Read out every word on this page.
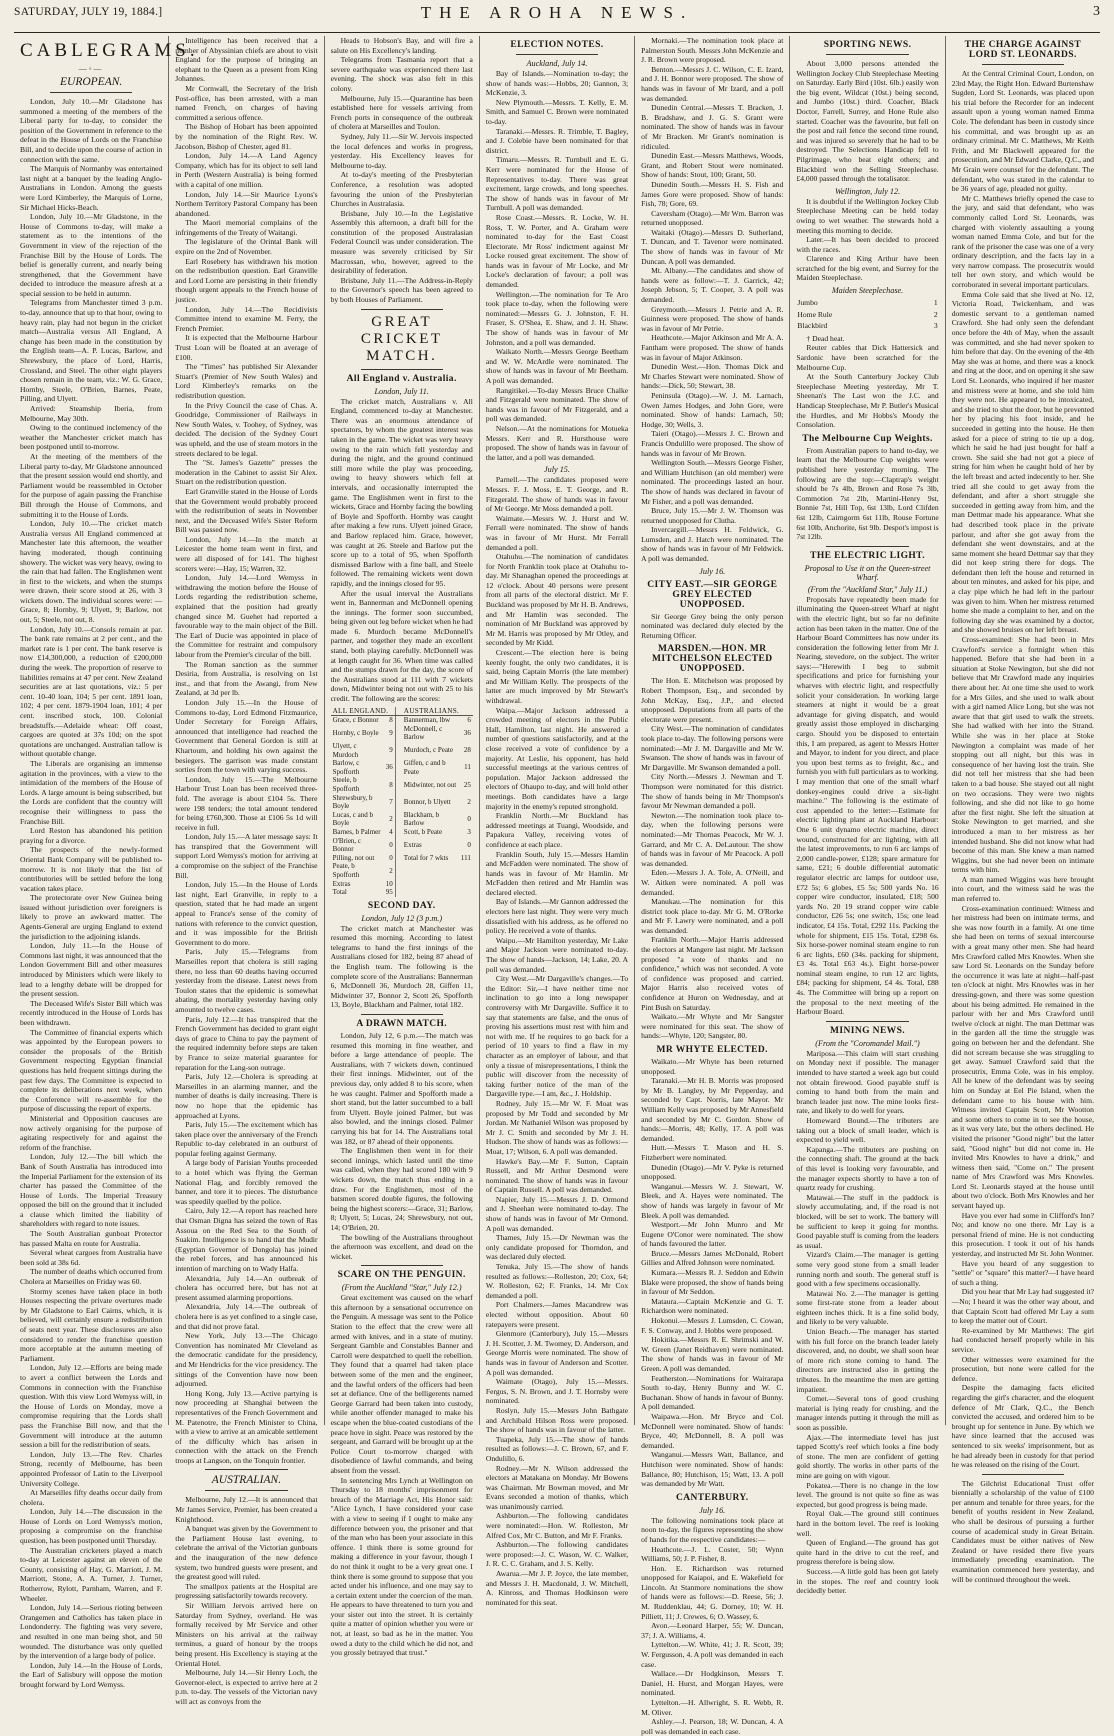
SATURDAY, JULY 19, 1884.]	THE AROHA NEWS.	3
CABLEGRAMS.
—◦—
EUROPEAN.

London, July 10.—Mr Gladstone has summoned a meeting of the members of the Liberal party for to-day, to consider the position of the Government in reference to the defeat in the House of Lords on the Franchise Bill, and to decide upon the course of action in connection with the same.

The Marquis of Normanby was entertained last night at a banquet by the leading Anglo-Australians in London. Among the guests were Lord Kimberley, the Marquis of Lorne, Sir Michael Hicks-Beach.

London, July 10.—Mr Gladstone, in the House of Commons to-day, will make a statement as to the intentions of the Government in view of the rejection of the Franchise Bill by the House of Lords. The belief is generally current, and nearly being strengthened, that the Government have decided to introduce the measure afresh at a special session to be held in autumn.

Telegrams from Manchester timed 3 p.m. to-day, announce that up to that hour, owing to heavy rain, play had not begun in the cricket match—Australia versus All England, A change has been made in the constitution by the English team—A. P. Lucas, Barlow, and Shrewsbury, the place of Lord, Harris, Crossland, and Steel. The other eight players chosen remain in the team, viz.: W. G. Grace, Hornby, Steele, O'Brien, Barnes, Peate, Pilling, and Ulyett.

Arrived: Steamship Iberia, from Melbourne, May 30th.

Owing to the continued inclemency of the weather the Manchester cricket match has been postponed until to-morrow.

At the meeting of the members of the Liberal party to-day, Mr Gladstone announced that the present session would end shortly, and Parliament would be reassembled in October for the purpose of again passing the Franchise Bill through the House of Commons, and submitting it to the House of Lords.

London, July 10.—The cricket match Australia versus All England commenced at Manchester late this afternoon, the weather having moderated, though continuing showery. The wicket was very heavy, owing to the rain that had fallen. The Englishmen went in first to the wickets, and when the stumps were drawn, their score stood at 26, with 3 wickets down. The individual scores were: —Grace, 8; Hornby, 9; Ulyett, 9; Barlow, not out, 5; Steele, not out, 8.

London, July 10.—Consols remain at par. The bank rate remains at 2 per cent., and the market rate is 1 per cent. The bank reserve is now £14,300,000, a reduction of £200,000 during the week. The proportion of reserve to liabilities remains at 47 per cent. New Zealand securities are at last quotations, viz.: 5 per cent. 10-40 loan, 104; 5 per cent. 1891 loan, 102; 4 per cent. 1879-1904 loan, 101; 4 per cent. inscribed stock, 100. Colonial breadstuffs.—Adelaide wheat: Off coast, cargoes are quoted at 37s 10d; on the spot quotations are unchanged. Australian tallow is without quotable change.

The Liberals are organising an immense agitation in the provinces, with a view to the intimidation of the members of the House of Lords. A large amount is being subscribed, but the Lords are confident that the country will recognise their willingness to pass the Franchise Bill.

Lord Reston has abandoned his petition praying for a divorce.

The prospects of the newly-formed Oriental Bank Company will be published to-morrow. It is not likely that the list of contributories will be settled before the long vacation takes place.

The protectorate over New Guinea being issued without jurisdiction over foreigners is likely to prove an awkward matter. The Agents-General are urging England to extend the jurisdiction to the adjoining islands.

London, July 11.—In the House of Commons last night, it was announced that the London Government Bill and other measures introduced by Ministers which were likely to lead to a lengthy debate will be dropped for the present session.

The Deceased Wife's Sister Bill which was recently introduced in the House of Lords has been withdrawn.

The Committee of financial experts which was appointed by the European powers to consider the proposals of the British Government respecting Egyptian financial questions has held frequent sittings during the past few days. The Committee is expected to complete its deliberations next week, when the Conference will re-assemble for the purpose of discussing the report of experts.

Ministerial and Opposition caucuses are now actively organising for the purpose of agitating respectively for and against the reform of the franchise.

London, July 12.—The bill which the Bank of South Australia has introduced into the Imperial Parliament for the extension of its charter has passed the Committee of the House of Lords. The Imperial Treasury opposed the bill on the ground that it included a clause which limited the liability of shareholders with regard to note issues.

The South Australian gunboat Protector has passed Malta en route for Australia.

Several wheat cargoes from Australia have been sold at 38s 6d.

The number of deaths which occurred from Cholera at Marseilles on Friday was 60.

Stormy scenes have taken place in both Houses respecting the private overtures made by Mr Gladstone to Earl Cairns, which, it is believed, will certainly ensure a redistribution of seats next year. These disclosures are also considered to render the franchise question more acceptable at the autumn meeting of Parliament.

London, July 12.—Efforts are being made to avert a conflict between the Lords and Commons in connection with the Franchise question. With this view Lord Wemyss will, in the House of Lords on Monday, move a compromise requiring that the Lords shall pass the Franchise Bill now, and that the Government will introduce at the autumn session a bill for the redistribution of seats.

London, July 13.—The Rev. Charles Strong, recently of Melbourne, has been appointed Professor of Latin to the Liverpool University College.

At Marseilles fifty deaths occur daily from cholera.

London, July 14.—The discussion in the House of Lords on Lord Wemyss's motion, proposing a compromise on the franchise question, has been postponed until Thursday.

The Australian cricketers played a match to-day at Leicester against an eleven of the County, consisting of Hay, G. Marriott, J. M. Marriott, Stone, A. A. Turner, J. Turner, Rotherrow, Rylott, Parnham, Warren, and F. Wheeler.

London, July 14.—Serious rioting between Orangemen and Catholics has taken place in Londonderry. The fighting was very severe, and resulted in one man being shot, and 50 wounded. The disturbance was only quelled by the intervention of a large body of police.

London, July 14.—In the House of Lords, the Earl of Salisbury will oppose the motion brought forward by Lord Wemyss.

Intelligence has been received that a number of Abyssinian chiefs are about to visit England for the purpose of bringing an elephant to the Queen as a present from King Johannes.

Mr Cornwall, the Secretary of the Irish Post-office, has been arrested, with a man named French, on charges of having committed a serious offence.

The Bishop of Hobart has been appointed by the nomination of the Right Rev. W. Jacobson, Bishop of Chester, aged 81.

London, July 14.—A Land Agency Company, which has for its object to sell land in Perth (Western Australia) is being formed with a capital of one million.

London, July 14.—Sir Maurice Lyons's Northern Territory Pastoral Company has been abandoned.

The Maori memorial complains of the infringements of the Treaty of Waitangi.

The legislature of the Orintal Bank will expire on the 2nd of November.

Earl Rosebery has withdrawn his motion on the redistribution question. Earl Granville and Lord Lorne are persisting in their friendly though urgent appeals to the French house of justice.

London, July 14.—The Recidivists Committee intend to examine M. Ferry, the French Premier.

It is expected that the Melbourne Harbour Trust Loan will be floated at an average of £100.

The "Times" has published Sir Alexander Stuart's (Premier of New South Wales) and Lord Kimberley's remarks on the redistribution question.

In the Privy Council the case of Chas. A. Goodridge, Commissioner of Railways in New South Wales, v. Toohey, of Sydney, was decided. The decision of the Sydney Court was upheld, and the use of steam motors in the streets declared to be legal.

The "St. James's Gazette" presses the moderation in the Cabinet to assist Sir Alex. Stuart on the redistribution question.

Earl Granville stated in the House of Lords that the Government would probably proceed with the redistribution of seats in November next, and the Deceased Wife's Sister Reform Bill was passed now.

London, July 14.—In the match at Leicester the home team went in first, and were all disposed of for 141. The highest scorers were:—Hay, 15; Warren, 32.

London, July 14.—Lord Wemyss in withdrawing the motion before the House of Lords regarding the redistribution scheme, explained that the position had greatly changed since M. Guehet had reported a favourable way to the main object of the Bill. The Earl of Ducie was appointed in place of the Committee for restraint and compulsory labour from the Premier's circular of the bill.

The Roman sanction as the summer Desiria, from Australia, is resolving on 1st inst., and that from the Awangi, from New Zealand, at 3d per lb.

London July 15.—In the House of Commons to-day, Lord Edmond Fitzmaurice, Under Secretary for Foreign Affairs, announced that intelligence had reached the Government that General Gordon is still at Khartoum, and holding his own against the besiegers. The garrison was made constant sorties from the town with varying success.

London, July 15.—The Melbourne Harbour Trust Loan has been received three-fold. The average is about £104 5s. There were 198 tenders; the total amount tendered for being £760,300. Those at £106 5s 1d will receive in full.

London, July 15.—A later message says: It has transpired that the Government will support Lord Wemyss's motion for arriving at a compromise on the subject of the Franchise Bill.

London, July 15.—In the House of Lords last night, Earl Granville, in reply to a question, stated that he had made an urgent appeal to France's sense of the comity of nations with reference to the convict question, and it was impossible for the British Government to do more.

Paris, July 15.—Telegrams from Marseilles report that cholera is still raging there, no less than 60 deaths having occurred yesterday from the disease. Latest news from Toulon states that the epidemic is somewhat abating, the mortality yesterday having only amounted to twelve cases.

Paris, July 12.—It has transpired that the French Government has decided to grant eight days of grace to China to pay the payment of the required indemnity before steps are taken by France to seize material guarantee for reparation for the Lang-son outrage.

Paris, July 12.—Cholera is spreading at Marseilles in an alarming manner, and the number of deaths is daily increasing. There is now no hope that the epidemic has approached at Lyons.

Paris, July 15.—The excitement which has taken place over the anniversary of the French Republic to-day celebrated in an outburst of popular feeling against Germany.

A large body of Parisian Youths proceeded to a hotel which was flying the German National Flag, and forcibly removed the banner, and tore it to pieces. The disturbance was speedily quelled by the police.

Cairo, July 12.—A report has reached here that Osman Digna has seized the town of Ras Assoua on the Red Sea to the South of Suakim. Intelligence is to hand that the Mudir (Egyptian Governor of Dongola) has joined the rebel forces, and has announced his intention of marching on to Wady Halfa.

Alexandria, July 14.—An outbreak of cholera has occurred here, but has not at present assumed alarming proportions.

Alexandria, July 14.—The outbreak of cholera here is as yet confined to a single case, and that did not prove fatal.

New York, July 13.—The Chicago Convention has nominated Mr Cleveland as the democratic candidate for the presidency, and Mr Hendricks for the vice presidency. The sittings of the Convention have now been adjourned.

Hong Kong, July 13.—Active partying is now proceeding at Shanghai between the representatives of the French Government and M. Patenotre, the French Minister to China, with a view to arrive at an amicable settlement of the difficulty which has arisen in connection with the attack on the French troops at Langson, on the Tonquin frontier.

AUSTRALIAN.

Melbourne, July 12.—It is announced that Mr James Service, Premier, has been created a Knighthood.

A banquet was given by the Government to the Parliament House last evening, to celebrate the arrival of the Victorian gunboats and the inauguration of the new defence system, two hundred guests were present, and the greatest good will ruled.

The smallpox patients at the Hospital are progressing satisfactorily towards recovery.

Sir William Jervois arrived here on Saturday from Sydney, overland. He was formally received by Mr Service and other Ministers on his arrival at the railway terminus, a guard of honour by the troops being present. His Excellency is staying at the Oriental Hotel.

Melbourne, July 14.—Sir Henry Loch, the Governor-elect, is expected to arrive here at 2 p.m. to-day. The vessels of the Victorian navy will act as convoys from the

Heads to Hobson's Bay, and will fire a salute on His Excellency's landing.

Telegrams from Tasmania report that a severe earthquake was experienced there last evening. The shock was also felt in this colony.

Melbourne, July 15.—Quarantine has been established here for vessels arriving from French ports in consequence of the outbreak of cholera at Marseilles and Toulon.

Sydney, July 11.—Sir W. Jervois inspected the local defences and works in progress, yesterday. His Excellency leaves for Melbourne to-day.

At to-day's meeting of the Presbyterian Conference, a resolution was adopted favouring the union of the Presbyterian Churches in Australasia.

Brisbane, July 10.—In the Legislative Assembly this afternoon, a draft bill for the constitution of the proposed Australasian Federal Council was under consideration. The measure was severely criticised by Sir Macrossan, who, however, agreed to the desirability of federation.

Brisbane, July 11.—The Address-in-Reply to the Governor's speech has been agreed to by both Houses of Parliament.

GREAT CRICKET MATCH.
All England v. Australia.

London, July 11.

The cricket match, Australians v. All England, commenced to-day at Manchester. There was an enormous attendance of spectators, by whom the greatest interest was taken in the game. The wicket was very heavy owing to the rain which fell yesterday and during the night, and the ground continued still more while the play was proceeding, owing to heavy showers which fell at intervals, and occasionally interrupted the game. The Englishmen went in first to the wickets, Grace and Hornby facing the bowling of Boyle and Spofforth. Hornby was caught after making a few runs. Ulyett joined Grace, and Barlow replaced him. Grace, however, was caught at 26. Steele and Barlow put the score up to a total of 95, when Spofforth dismissed Barlow with a fine ball, and Steele followed. The remaining wickets went down rapidly, and the innings closed for 95.

After the usual interval the Australians went in, Bannerman and McDonnell opening the innings. The former soon succumbed, being given out leg before wicket when he had made 6. Murdoch became McDonnell's partner, and together they made an excellent stand, both playing carefully. McDonnell was at length caught for 36. When time was called and the stumps drawn for the day, the score of the Australians stood at 111 with 7 wickets down, Midwinter being not out with 25 to his credit. The following are the scores:

ALL ENGLAND.			AUSTRALIANS.	
Grace, c Bonnor	8		Bannerman, lbw	6
Hornby, c Boyle	9		McDonnell, c Barlow	36
Ulyett, c Murdoch	9		Murdoch, c Peate	28
Barlow, c Spofforth	36		Giffen, c and b Peate	11
Steele, b Spofforth	8		Midwinter, not out	25
Shrewsbury, b Boyle	7		Bonnor, b Ulyett	2
Lucas, c and b Boyle	2		Blackham, b Barlow	0
Barnes, b Palmer	4		Scott, b Peate	3
O'Brien, c Bonnor	0		Extras	0
Pilling, not out	0		Total for 7 wkts	111
Peate, b Spofforth	2			
Extras	10			
Total	95			
SECOND DAY.

London, July 12 (3 p.m.)

The cricket match at Manchester was resumed this morning. According to latest telegrams to hand the first innings of the Australians closed for 182, being 87 ahead of the English team. The following is the complete score of the Australians: Bannerman 6, McDonnell 36, Murdoch 28, Giffen 11, Midwinter 37, Bonnor 2, Scott 26, Spofforth 13, Boyle, Blackham and Palmer, total 182.

A DRAWN MATCH.

London, July 12, 6 p.m.—The match was resumed this morning in fine weather, and before a large attendance of people. The Australians, with 7 wickets down, continued their first innings. Midwinter, out of the previous day, only added 8 to his score, when he was caught. Palmer and Spofforth made a short stand, but the latter succumbed to a ball from Ulyett. Boyle joined Palmer, but was also bowled, and the innings closed. Palmer carrying his bat for 14. The Australians total was 182, or 87 ahead of their opponents.

The Englishmen then went in for their second innings, which lasted until the time was called, when they had scored 180 with 9 wickets down, the match thus ending in a draw. For the Englishmen, most of the batsmen scored double figures, the following being the highest scorers:—Grace, 31; Barlow, 8; Ulyett, 5; Lucas, 24; Shrewsbury, not out, 14; O'Brien, 20.

The bowling of the Australians throughout the afternoon was excellent, and dead on the wicket.

SCARE ON THE PENGUIN.

(From the Auckland "Star," July 12.)

Great excitement was caused on the wharf this afternoon by a sensational occurrence on the Penguin. A message was sent to the Police Station to the effect that the crew were all armed with knives, and in a state of mutiny. Sergeant Gamble and Constables Banner and Carroll were despatched to quell the rebellion. They found that a quarrel had taken place between some of the men and the engineer, and the lawful orders of the officers had been set at defiance. One of the belligerents named George Garrard had been taken into custody, while another offender managed to make his escape when the blue-coated custodians of the peace hove in sight. Peace was restored by the sergeant, and Garrard will be brought up at the Police Court to-morrow charged with disobedience of lawful commands, and being absent from the vessel.

In sentencing Mrs Lynch at Wellington on Thursday to 18 months' imprisonment for breach of the Marriage Act, His Honor said: "Alice Lynch, I have considered your case with a view to seeing if I ought to make any difference between you, the prisoner and that of the man who has been your associate in this offence. I think there is some ground for making a difference in your favour, though I do not think it ought to be a very great one. I think there is some ground to suppose that you acted under his influence, and one may say to a certain extent under the coercion of the man. He appears to have threatened to turn you and your sister out into the street. It is certainly quite a matter of opinion whether you were or not, at least, so bad as he in the matter. You owed a duty to the child which he did not, and you grossly betrayed that trust."

ELECTION NOTES.

Auckland, July 14.

Bay of Islands.—Nomination to-day; the show of hands was:—Hobbs, 20; Gannon, 3; McKenzie, 3.

New Plymouth.—Messrs. T. Kelly, E. M. Smith, and Samuel C. Brown were nominated to-day.

Taranaki.—Messrs. R. Trimble, T. Bagley, and J. Colebie have been nominated for that district.

Timaru.—Messrs. R. Turnbull and E. G. Kerr were nominated for the House of Representatives to-day. There was great excitement, large crowds, and long speeches. The show of hands was in favour of Mr Turnbull. A poll was demanded.

Rose Coast.—Messrs. R. Locke, W. H. Ross, T. W. Porter, and A. Graham were nominated to-day for the East Coast Electorate. Mr Ross' indictment against Mr Locke roused great excitement. The show of hands was in favour of Mr Locke, and Mr Locke's declaration of favour; a poll was demanded.

Wellington.—The nomination for Te Aro took place to-day, when the following were nominated:—Messrs G. J. Johnston, F. H. Fraser, S. O'Shea, E. Shaw, and J. H. Shaw. The show of hands was in favour of Mr Johnston, and a poll was demanded.

Waikato North.—Messrs George Beetham and W. W. McArdle were nominated. The show of hands was in favour of Mr Beetham. A poll was demanded.

Rangitikei.—To-day Messrs Bruce Chalke and Fitzgerald were nominated. The show of hands was in favour of Mr Fitzgerald, and a poll was demanded.

Nelson.—At the nominations for Motueka Messrs. Kerr and R. Hursthouse were proposed. The show of hands was in favour of the latter, and a poll was demanded.

July 15.

Parnell.—The candidates proposed were Messrs. F. J. Moss, E. T. George, and R. Fitzgerald. The show of hands was in favour of Mr George. Mr Moss demanded a poll.

Waimate.—Messrs W. J. Hurst and W. Ferrall were nominated. The show of hands was in favour of Mr Hurst. Mr Ferrall demanded a poll.

Otahuhu.—The nomination of candidates for North Franklin took place at Otahuhu to-day. Mr Shanaghan opened the proceedings at 12 o'clock. About 40 persons were present from all parts of the electoral district. Mr F. Buckland was proposed by Mr H. B. Andrews, and Mr Hamlin was seconded. The nomination of Mr Buckland was approved by Mr M. Harris was proposed by Mr Otley, and seconded by Mr Kidd.

Crescent.—The election here is being keenly fought, the only two candidates, it is said, being Captain Morris (the late member) and Mr William Kelly. The prospects of the latter are much improved by Mr Stewart's withdrawal.

Waipa.—Major Jackson addressed a crowded meeting of electors in the Public Hall, Hamilton, last night. He answered a number of questions satisfactorily, and at the close received a vote of confidence by a majority. At Leslie, his opponent, has held successful meetings at the various centres of population. Major Jackson addressed the electors of Ohaupo to-day, and will hold other meetings. Both candidates have a large majority in the enemy's reputed stronghold.

Franklin North.—Mr Buckland has addressed meetings at Tuangi, Woodside, and Papakura Valley, receiving votes of confidence at each place.

Franklin South, July 15.—Messrs Hamlin and McFadden were nominated. The show of hands was in favour of Mr Hamlin. Mr McFadden then retired and Mr Hamlin was declared elected.

Bay of Islands.—Mr Gannon addressed the electors here last night. They were very much dissatisfied with his address, as he offered no policy. He received a vote of thanks.

Waipu.—Mr Hamilton yesterday, Mr Lake and Major Jackson were nominated to-day. The show of hands—Jackson, 14; Lake, 20. A poll was demanded.

City West.—Mr Dargaville's changes.—To the Editor: Sir,—I have neither time nor inclination to go into a long newspaper controversy with Mr Dargaville. Suffice it to say that statements are false, and the onus of proving his assertions must rest with him and not with me. If he requires to go back for a period of 10 years to find a flaw in my character as an employer of labour, and that only a tissue of misrepresentations, I think the public will discover from the necessity of taking further notice of the man of the Dargaville type.—I am, &c., J. Holdship.

Rodney, July 15.—Mr W. F. Moat was proposed by Mr Todd and seconded by Mr Jordan. Mr Nathaniel Wilson was proposed by Mr J. C. Smith and seconded by Mr J. H. Hudson. The show of hands was as follows:—Moat, 17; Wilson, 6. A poll was demanded.

Hawke's Bay.—Mr F. Sutton, Captain Russell, and Mr Arthur Desmond were nominated. The show of hands was in favour of Captain Russell. A poll was demanded.

Napier, July 15.—Messrs J. D. Ormond and J. Sheehan were nominated to-day. The show of hands was in favour of Mr Ormond. A poll was demanded.

Thames, July 15.—Dr Newman was the only candidate proposed for Thorndon, and was declared duly elected.

Tenuka, July 15.—The show of hands resulted as follows:—Rolleston, 20; Cox, 64; W. Rolleston, 62; F. Franks, 14. Mr Cox demanded a poll.

Port Chalmers.—James Macandrew was elected without opposition. About 60 ratepayers were present.

Glenmore (Canterbury), July 15.—Messrs J. H. Scotter, J. M. Twomey, D. Anderson, and George Morris were nominated. The show of hands was in favour of Anderson and Scotter. A poll was demanded.

Waimate (Otago), July 15.—Messrs. Fergus, S. N. Brown, and J. T. Hornsby were nominated.

Roslyn, July 15.—Messrs John Bathgate and Archibald Hilson Ross were proposed. The show of hands was in favour of the latter.

Tuapeka, July 15.—The show of hands resulted as follows:—J. C. Brown, 67, and F. Ondulillo, 6.

Rodney.—Mr N. Wilson addressed the electors at Matakana on Monday. Mr Bowens was Chairman. Mr Bowman moved, and Mr Evans seconded a motion of thanks, which was unanimously carried.

Ashburton.—The following candidates were nominated:—Hon. W. Rolleston, Mr Alfred Cox, Mr C. Button, and Mr F. Franks.

Ashburton.—The following candidates were proposed:—J. C. Wason, W. C. Walker, J. R. C. C. Graham, and J. S. Kelly.

Awarua.—Mr J. P. Joyce, the late member, and Messrs J. H. Macdonald, J. W. Mitchell, A. Kinross, and Thomas Hodkinson were nominated for this seat.

Mornaki.—The nomination took place at Palmerston South. Messrs John McKenzie and J. R. Brown were proposed.

Benton.—Messrs J. C. Wilson, C. E. Izard, and J. H. Bonnor were proposed. The show of hands was in favour of Mr Izard, and a poll was demanded.

Dunedin Central.—Messrs T. Bracken, J. B. Bradshaw, and J. G. S. Grant were nominated. The show of hands was in favour of Mr Bracken. Mr Grant's nomination is ridiculed.

Dunedin East.—Messrs Matthews, Woods, Grant, and Robert Stout were nominated. Show of hands: Stout, 100; Grant, 50.

Dunedin South.—Messrs H. S. Fish and James Gore were proposed. Show of hands: Fish, 78; Gore, 69.

Caversham (Otago).—Mr Wm. Barron was returned unopposed.

Waitaki (Otago).—Messrs D. Sutherland, T. Duncan, and T. Tavenor were nominated. The show of hands was in favour of Mr Duncan. A poll was demanded.

Mt. Albany.—The candidates and show of hands were as follow:—T. J. Garrick, 42; Joseph Jebson, 5; T. Cooper, 3. A poll was demanded.

Greymouth.—Messrs J. Petrie and A. R. Guinness were proposed. The show of hands was in favour of Mr Petrie.

Heathcote.—Major Atkinson and Mr A. A. Fantham were proposed. The show of hands was in favour of Major Atkinson.

Dunedin West.—Hon. Thomas Dick and Mr Charles Stewart were nominated. Show of hands:—Dick, 50; Stewart, 38.

Peninsula (Otago).—W. J. M. Larnach, Owen James Hodges, and John Gore, were nominated. Show of hands: Larnach, 50; Hodge, 30; Wells, 3.

Taieri (Otago).—Messrs J. C. Brown and Francis Ondulillo were proposed. The show of hands was in favour of Mr Brown.

Wellington South.—Messrs George Fisher, and William Hutchison (an old member) were nominated. The proceedings lasted an hour. The show of hands was declared in favour of Mr Fisher, and a poll was demanded.

Bruce, July 15.—Mr J. W. Thomson was returned unopposed for Clutha.

Invercargill.—Messrs H. Feldwick, G. Lumsden, and J. Hatch were nominated. The show of hands was in favour of Mr Feldwick. A poll was demanded.

July 16.

CITY EAST.—SIR GEORGE GREY ELECTED UNOPPOSED.

Sir George Grey being the only person nominated was declared duly elected by the Returning Officer.

MARSDEN.—HON. MR MITCHELSON ELECTED UNOPPOSED.

The Hon. E. Mitchelson was proposed by Robert Thompson, Esq., and seconded by John McKay, Esq., J.P., and elected unopposed. Deputations from all parts of the electorate were present.

City West.—The nomination of candidates took place to-day. The following persons were nominated:—Mr J. M. Dargaville and Mr W. Swanson. The show of hands was in favour of Mr Dargaville. Mr Swanson demanded a poll.

City North.—Messrs J. Newman and T. Thompson were nominated for this district. The show of hands being in Mr Thompson's favour Mr Newman demanded a poll.

Newton.—The nomination took place to-day, when the following persons were nominated:—Mr Thomas Peacock, Mr W. J. Garrard, and Mr C. A. DeLautour. The show of hands was in favour of Mr Peacock. A poll was demanded.

Eden.—Messrs J. A. Tole, A. O'Neill, and W. Aitken were nominated. A poll was demanded.

Manukau.—The nomination for this district took place to-day. Mr G. M. O'Rorke and Mr F. Lawry were nominated, and a poll was demanded.

Franklin North.—Major Harris addressed the electors at Mangere last night. Mr Jackson proposed "a vote of thanks and no confidence," which was not seconded. A vote of confidence was proposed and carried. Major Harris also received votes of confidence at Huron on Wednesday, and at Pint Bush on Saturday.

Waikato.—Mr Whyte and Mr Sangster were nominated for this seat. The show of hands:—Whyte, 120; Sangster, 80.

MR WHYTE ELECTED.

Waikato.—Mr Whyte has been returned unopposed.

Taranaki.—Mr H. B. Morris was proposed by Mr B. Langley, by Mr Pepperday, and seconded by Capt. Norris, late Mayor. Mr William Kelly was proposed by Mr Annesfield and seconded by Mr C. Gordon. Show of hands:—Morris, 48; Kelly, 17. A poll was demanded.

Hutt.—Messrs T. Mason and H. S. Fitzherbert were nominated.

Dunedin (Otago).—Mr V. Pyke is returned unopposed.

Wanganui.—Messrs W. J. Stewart, W. Bleek, and A. Hayes were nominated. The show of hands was largely in favour of Mr Bleek. A poll was demanded.

Westport.—Mr John Munro and Mr Eugene O'Conor were nominated. The show of hands favoured the latter.

Bruce.—Messrs James McDonald, Robert Gillies and Alfred Johnson were nominated.

Kumara.—Messrs R. J. Seddon and Edwin Blake were proposed, the show of hands being in favour of Mr Seddon.

Mataura.—Captain McKenzie and G. T. Richardson were nominated.

Hokonui.—Messrs J. Lumsden, C. Cowan, F. S. Conway, and J. Hobbs were proposed.

Hokitika.—Messrs R. E. Shrimski and W. W. Green (Janet Reidhaven) were nominated. The show of hands was in favour of Mr Green. A poll was demanded.

Featherston.—Nominations for Wairarapa South to-day, Henry Bunny and W. C. Buchanan. Show of hands in favour of Bunny. A poll demanded.

Waipawa.—Hon. Mr Bryce and Col. McDonnell were nominated. Show of hands: Bryce, 40; McDonnell, 8. A poll was demanded.

Wanganui.—Messrs Watt, Ballance, and Hutchison were nominated. Show of hands: Ballance, 80; Hutchison, 15; Watt, 13. A poll was demanded by Mr Watt.

CANTERBURY.

July 16.

The following nominations took place at noon to-day, the figures representing the show of hands for the respective candidates:—

Heathcote.—J. L. Coster, 50; Wynn Williams, 50; J. P. Fisher, 8.

Hon. E. Richardson was returned unopposed for Kaiapoi, and E. Wakefield for Lincoln. At Stanmore nominations the show of hands were as follows:—D. Reese, 56; J. M. Ruddenklau, 44; G. Dorney, 10; W. H. Pilliett, 11; J. Crewes, 6; O. Wassey, 6.

Avon.—Leonard Harper, 55; W. Duncan, 37; J. A. Williams, 4.

Lyttelton.—W. White, 41; J. R. Scott, 39; W. Fergusson, 4. A poll was demanded in each case.

Wallace.—Dr Hodgkinson, Messrs T. Daniel, H. Hurst, and Morgan Hayes, were nominated.

Lyttelton.—H. Allwright, S. R. Webb, R. M. Oliver.

Ashley.—J. Pearson, 18; W. Duncan, 4. A poll was demanded in each case.

SPORTING NEWS.

About 3,000 persons attended the Wellington Jockey Club Steeplechase Meeting on Saturday. Early Bird (10st. 6lb.) easily won the big event, Wildcat (10st.) being second, and Jumbo (10st.) third. Coacher, Black Doctor, Farrell, Surrey, and Hone Rule also started. Coacher was the favourite, but fell on the post and rail fence the second time round, and was injured so severely that he had to be destroyed. The Selections Handicap fell to Pilgrimage, who beat eight others; and Blackbird won the Selling Steeplechase. £4,000 passed through the totalisator.

Wellington, July 12.

It is doubtful if the Wellington Jockey Club Steeplechase Meeting can be held today owing to wet weather. The stewards hold a meeting this morning to decide.

Later.—It has been decided to proceed with the races.

Clarence and King Arthur have been scratched for the big event, and Surrey for the Maiden Steeplechase.

Maiden Steeplechase.

Jumbo	1
Home Rule	2
Blackbird	3

† Dead heat.

Reuter cables that Dick Hattersick and Sardonic have been scratched for the Melbourne Cup.

At the South Canterbury Jockey Club Steeplechase Meeting yesterday, Mr T. Sheenan's The Last won the J.C. and Handicap Steeplechase, Mr P. Butler's Musical the Hurdles, and Mr Hobbs's Moody the Consolation.

The Melbourne Cup Weights.

From Australian papers to hand to-day, we learn that the Melbourne Cup weights were published here yesterday morning. The following are the top:—Claptrap's weight should be 7s 4lb, Brown and Rose 7s 3lb, Commotion 7st 2lb, Martini-Henry 9st, Bonnie 7st, Hill Top, 6st 13lb, Lord Clifden 6st 12lb, Cairngorm 6st 11lb, Rouse Fortune 6st 10lb, Anchorite, 6st 9lb. Despot's impost is 7st 12lb.

THE ELECTRIC LIGHT.

Proposal to Use it on the Queen-street Wharf.

(From the "Auckland Star," July 11.)

Proposals have repeatedly been made for illuminating the Queen-street Wharf at night with the electric light, but so far no definite action has been taken in the matter. One of the Harbour Board Committees has now under its consideration the following letter from Mr J. Nearing, stevedore, on the subject. The writer says:—"Herewith I beg to submit specifications and price for furnishing your wharves with electric light, and respectfully solicit your consideration. In working large steamers at night it would be a great advantage for giving dispatch, and would greatly assist those employed in discharging cargo. Should you be disposed to entertain this, I am prepared, as agent to Messrs Hotter and Mayor, to indent for you direct, and place you upon best terms as to freight, &c., and furnish you with full particulars as to working. I may mention that one of the small wharf donkey-engines could drive a six-light machine." The following is the estimate of cost appended to the letter:—Estimate for electric lighting plant at Auckland Harbour: One 6 unit dynamo electric machine, direct wound, constructed for arc lighting, with all the latest improvements, to run 6 arc lamps of 2,000 candle-power, £128; spare armature for same, £21; 6 double differential automatic regulator electric arc lamps for outdoor use, £72 5s; 6 globes, £5 5s; 500 yards No. 16 copper wire conductor, insulated, £18; 500 yards No. 20 19 strand copper wire cable conductor, £26 5s; one switch, 15s; one lead indicator, £4 15s. Total, £292 11s. Packing the whole for shipment, £15 15s. Total, £298 6s. Six horse-power nominal steam engine to run 6 arc lights, £60 (34s. packing for shipment, £3 4s. Total £63 4s.). Eight horse-power nominal steam engine, to run 12 arc lights, £84; packing for shipment, £4 4s. Total, £88 4s. The Committee will bring up a report on the proposal to the next meeting of the Harbour Board.

MINING NEWS.

(From the "Coromandel Mail.")

Mariposa.—This claim will start crushing on Monday next if possible. The manager intended to have started a week ago but could not obtain firewood. Good payable stuff is coming to hand both from the main and branch leader just now. The mine looks first-rate, and likely to do well for years.

Homeward Bound.—The tributers are taking out a block of small leader, which is expected to yield well.

Kapanga.—The tributers are pushing on the connecting shaft. The ground at the back of this level is looking very favourable, and the manager expects shortly to have a ton of quartz ready for crushing.

Matawai.—The stuff in the paddock is slowly accumulating, and, if the road is not blocked, will be set to work. The battery will be sufficient to keep it going for months. Good payable stuff is coming from the leaders as usual.

Vizard's Claim.—The manager is getting some very good stone from a small leader running north and south. The general stuff is good with a few specimens occasionally.

Matawai No. 2.—The manager is getting some first-rate stone from a leader about eighteen inches thick. It is a fine solid body, and likely to be very valuable.

Union Beach.—The manager has started with his full force on the branch leader lately discovered, and, no doubt, we shall soon hear of more rich stone coming to hand. The directors are instructed also in getting the tributes. In the meantime the men are getting impatient.

Comet.—Several tons of good crushing material is lying ready for crushing, and the manager intends putting it through the mill as soon as possible.

Ajax.—The intermediate level has just tapped Scotty's reef which looks a fine body of stone. The men are confident of getting gold shortly. The works in other parts of the mine are going on with vigour.

Pokatea.—There is no change in the low level. The ground is not quite so fine as was expected, but good progress is being made.

Royal Oak.—The ground still continues hard in the bottom level. The reef is looking well.

Queen of England.—The ground has got quite hard in the drive to cut the reef, and progress therefore is being slow.

Success.—A little gold has been got lately in the stopes. The reef and country look decidedly better.

THE CHARGE AGAINST LORD ST. LEONARDS.

At the Central Criminal Court, London, on 23rd May, the Right Hon. Edward Burtenshaw Sugden, Lord St. Leonards, was placed upon his trial before the Recorder for an indecent assault upon a young woman named Emma Cole. The defendant has been in custody since his committal, and was brought up as an ordinary criminal. Mr C. Matthews, Mr Keith Frith, and Mr Blackwell appeared for the prosecution, and Mr Edward Clarke, Q.C., and Mr Grain were counsel for the defendant. The defendant, who was stated in the calendar to be 36 years of age, pleaded not guilty.

Mr C. Matthews briefly opened the case to the jury, and said that defendant, who was commonly called Lord St. Leonards, was charged with violently assaulting a young woman named Emma Cole, and but for the rank of the prisoner the case was one of a very ordinary description, and the facts lay in a very narrow compass. The prosecutrix would tell her own story, and which would be corroborated in several important particulars.

Emma Cole said that she lived at No. 12, Victoria Road, Twickenham, and was domestic servant to a gentleman named Crawford. She had only seen the defendant once before the 4th of May, when the assault was committed, and she had never spoken to him before that day. On the evening of the 4th May she was at home, and there was a knock and ring at the door, and on opening it she saw Lord St. Leonards, who inquired if her master and mistress were at home, and she told him they were not. He appeared to be intoxicated, and she tried to shut the door, but he prevented her by placing his foot inside, and he succeeded in getting into the house. He then asked for a piece of string to tie up a dog, which he said he had just bought for half a crown. She said she had not got a piece of string for him when he caught hold of her by the left breast and acted indecently to her. She tried all she could to get away from the defendant, and after a short struggle she succeeded in getting away from him, and the man Dettmar made his appearance. What she had described took place in the private parlour, and after she got away from the defendant she went downstairs, and at the same moment she heard Dettmar say that they did not keep string there for dogs. The defendant then left the house and returned in about ten minutes, and asked for his pipe, and a clay pipe which he had left in the parlour was given to him. When her mistress returned home she made a complaint to her, and on the following day she was examined by a doctor, and she showed bruises on her left breast.

Cross-examined: She had been in Mrs Crawford's service a fortnight when this happened. Before that she had been in a situation at Stoke Newington, but she did not believe that Mr Crawford made any inquiries there about her. At one time she used to work for a Mrs Giles, and she used to walk about with a girl named Alice Long, but she was not aware that that girl used to walk the streets. She had walked with her into the Strand. While she was in her place at Stoke Newington a complaint was made of her stopping out all night, but this was in consequence of her having lost the train. She did not tell her mistress that she had been taken to a bad house. She stayed out all night on two occasions. They were two nights following, and she did not like to go home after the first night. She left the situation at Stoke Newington to get married, and she introduced a man to her mistress as her intended husband. She did not know what had become of this man. She knew a man named Wiggins, but she had never been on intimate terms with him.

A man named Wiggins was here brought into court, and the witness said he was the man referred to.

Cross-examination continued: Witness and her mistress had been on intimate terms, and she was now fourth in a family. At one time she had been on terms of sexual intercourse with a great many other men. She had heard Mrs Crawford called Mrs Knowles. When she saw Lord St. Leonards on the Sunday before the occurrence it was late at night—half-past ten o'clock at night. Mrs Knowles was in her dressing-gown, and there was some question about his being admitted. He remained in the parlour with her and Mrs Crawford until twelve o'clock at night. The man Dettmar was in the garden all the time the struggle was going on between her and the defendant. She did not scream because she was struggling to get away. Samuel Crawford said that the prosecutrix, Emma Cole, was in his employ. All he knew of the defendant was by seeing him on Sunday at Eel Pie Island, when the defendant came to his house with him. Witness invited Captain Scott, Mr Wootton and some others to come in to see the house, as it was very late, but the others declined. He visited the prisoner "Good night" but the latter said, "Good night" but did not come in. He invited Mrs Knowles to have a drink," and witness then said, "Come on." The present name of Mrs Crawford was Mrs Knowles. Lord St. Leonards stayed at the house until about two o'clock. Both Mrs Knowles and her servant hayed up.

Have you ever had some in Clifford's Inn? No; and know no one there. Mr Lay is a personal friend of mine. He is not conducting this prosecution. I took it out of his hands yesterday, and instructed Mr St. John Wontner.

Have you heard of any suggestion to "settle" or "square" this matter?—I have heard of such a thing.

Did you hear that Mr Lay had suggested it?—No; I heard it was the other way about, and that Captain Scott had offered Mr Lay a sum to keep the matter out of Court.

Re-examined by Mr Matthews: The girl had conducted herself properly while in his service.

Other witnesses were examined for the prosecution, but none were called for the defence.

Despite the damaging facts elicited regarding the girl's character, and the eloquent defence of Mr Clark, Q.C., the Bench convicted the accused, and ordered him to be brought up for sentence in June. By which we have since learned that the accused was sentenced to six weeks' imprisonment, but as he had already been in custody for that period he was released on the rising of the Court.

The Gilchrist Educational Trust offer biennially a scholarship of the value of £100 per annum and tenable for three years, for the benefit of youths resident in New Zealand, who shall be desirous of pursuing a further course of academical study in Great Britain. Candidates must be either natives of New Zealand or have resided there five years immediately preceding examination. The examination commenced here yesterday, and will be continued throughout the week.
